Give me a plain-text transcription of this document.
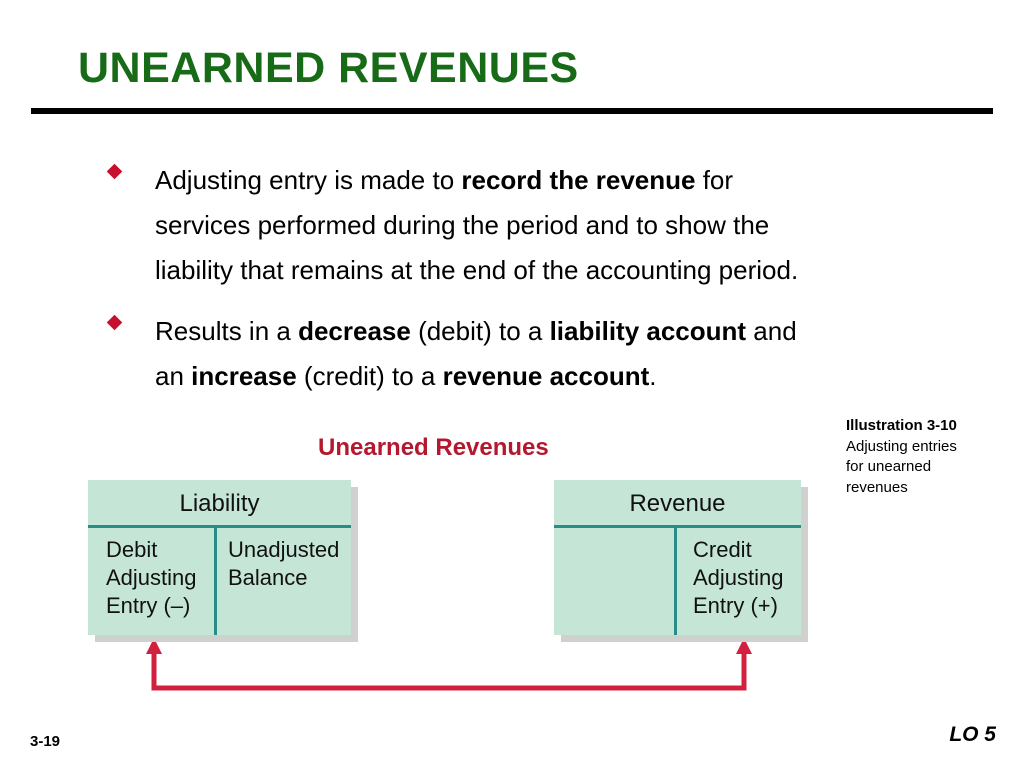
UNEARNED REVENUES
Adjusting entry is made to record the revenue for
services performed during the period and to show the
liability that remains at the end of the accounting period.
Results in a decrease (debit) to a liability account and
an increase (credit) to a revenue account.
Illustration 3-10
Adjusting entries
for unearned
revenues
Unearned Revenues
Liability
Debit
Adjusting
Entry (–)
Unadjusted
Balance
Revenue
Credit
Adjusting
Entry (+)
3-19	LO 5
